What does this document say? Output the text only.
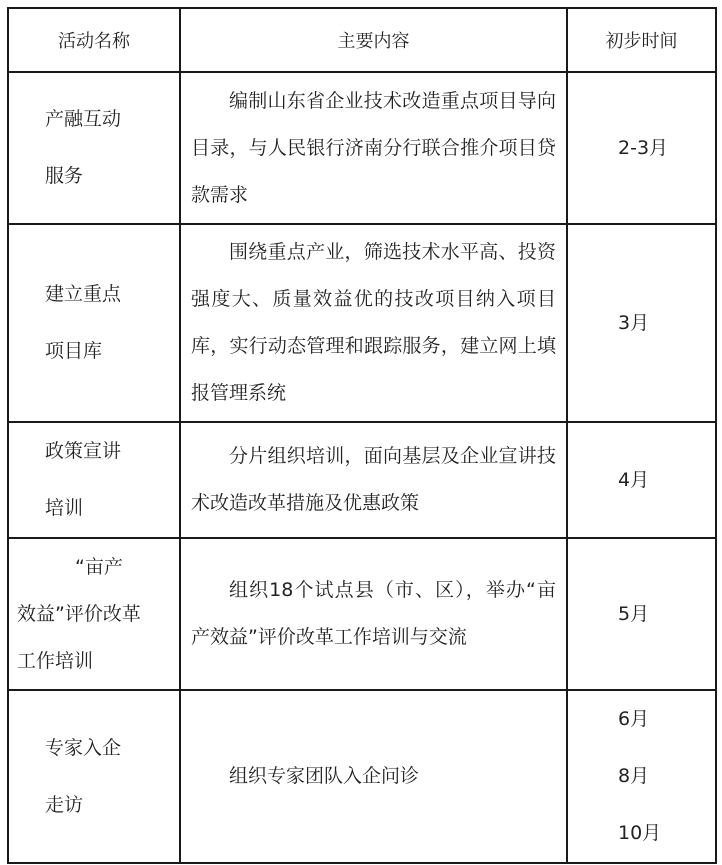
活动名称	主要内容	初步时间

产融互动
服务	编制山东省企业技术改造重点项目导向目录，与人民银行济南分行联合推介项目贷款需求	2-3月

建立重点
项目库	围绕重点产业，筛选技术水平高、投资强度大、质量效益优的技改项目纳入项目库，实行动态管理和跟踪服务，建立网上填报管理系统	3月

政策宣讲
培训	分片组织培训，面向基层及企业宣讲技术改造改革措施及优惠政策	4月

“亩产
效益”评价改革
工作培训	组织18个试点县（市、区），举办“亩产效益”评价改革工作培训与交流	5月

专家入企
走访	组织专家团队入企问诊	6月
8月
10月
